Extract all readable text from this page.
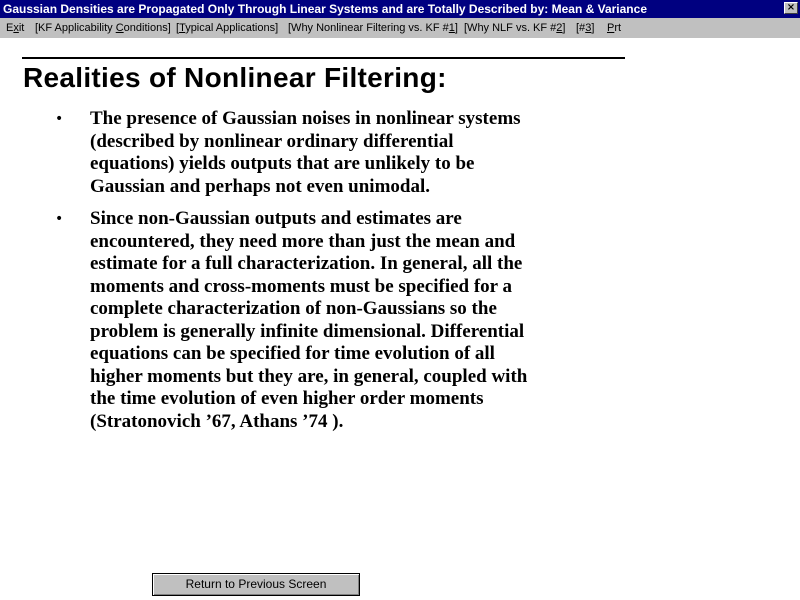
Gaussian Densities are Propagated Only Through Linear Systems and are Totally Described by: Mean & Variance	×
Exit [KF Applicability Conditions] [Typical Applications] [Why Nonlinear Filtering vs. KF #1] [Why NLF vs. KF #2] [#3] Prt
Realities of Nonlinear Filtering:
• The presence of Gaussian noises in nonlinear systems (described by nonlinear ordinary differential equations) yields outputs that are unlikely to be Gaussian and perhaps not even unimodal.
• Since non-Gaussian outputs and estimates are encountered, they need more than just the mean and estimate for a full characterization. In general, all the moments and cross-moments must be specified for a complete characterization of non-Gaussians so the problem is generally infinite dimensional. Differential equations can be specified for time evolution of all higher moments but they are, in general, coupled with the time evolution of even higher order moments (Stratonovich ’67, Athans ’74 ).
Return to Previous Screen
